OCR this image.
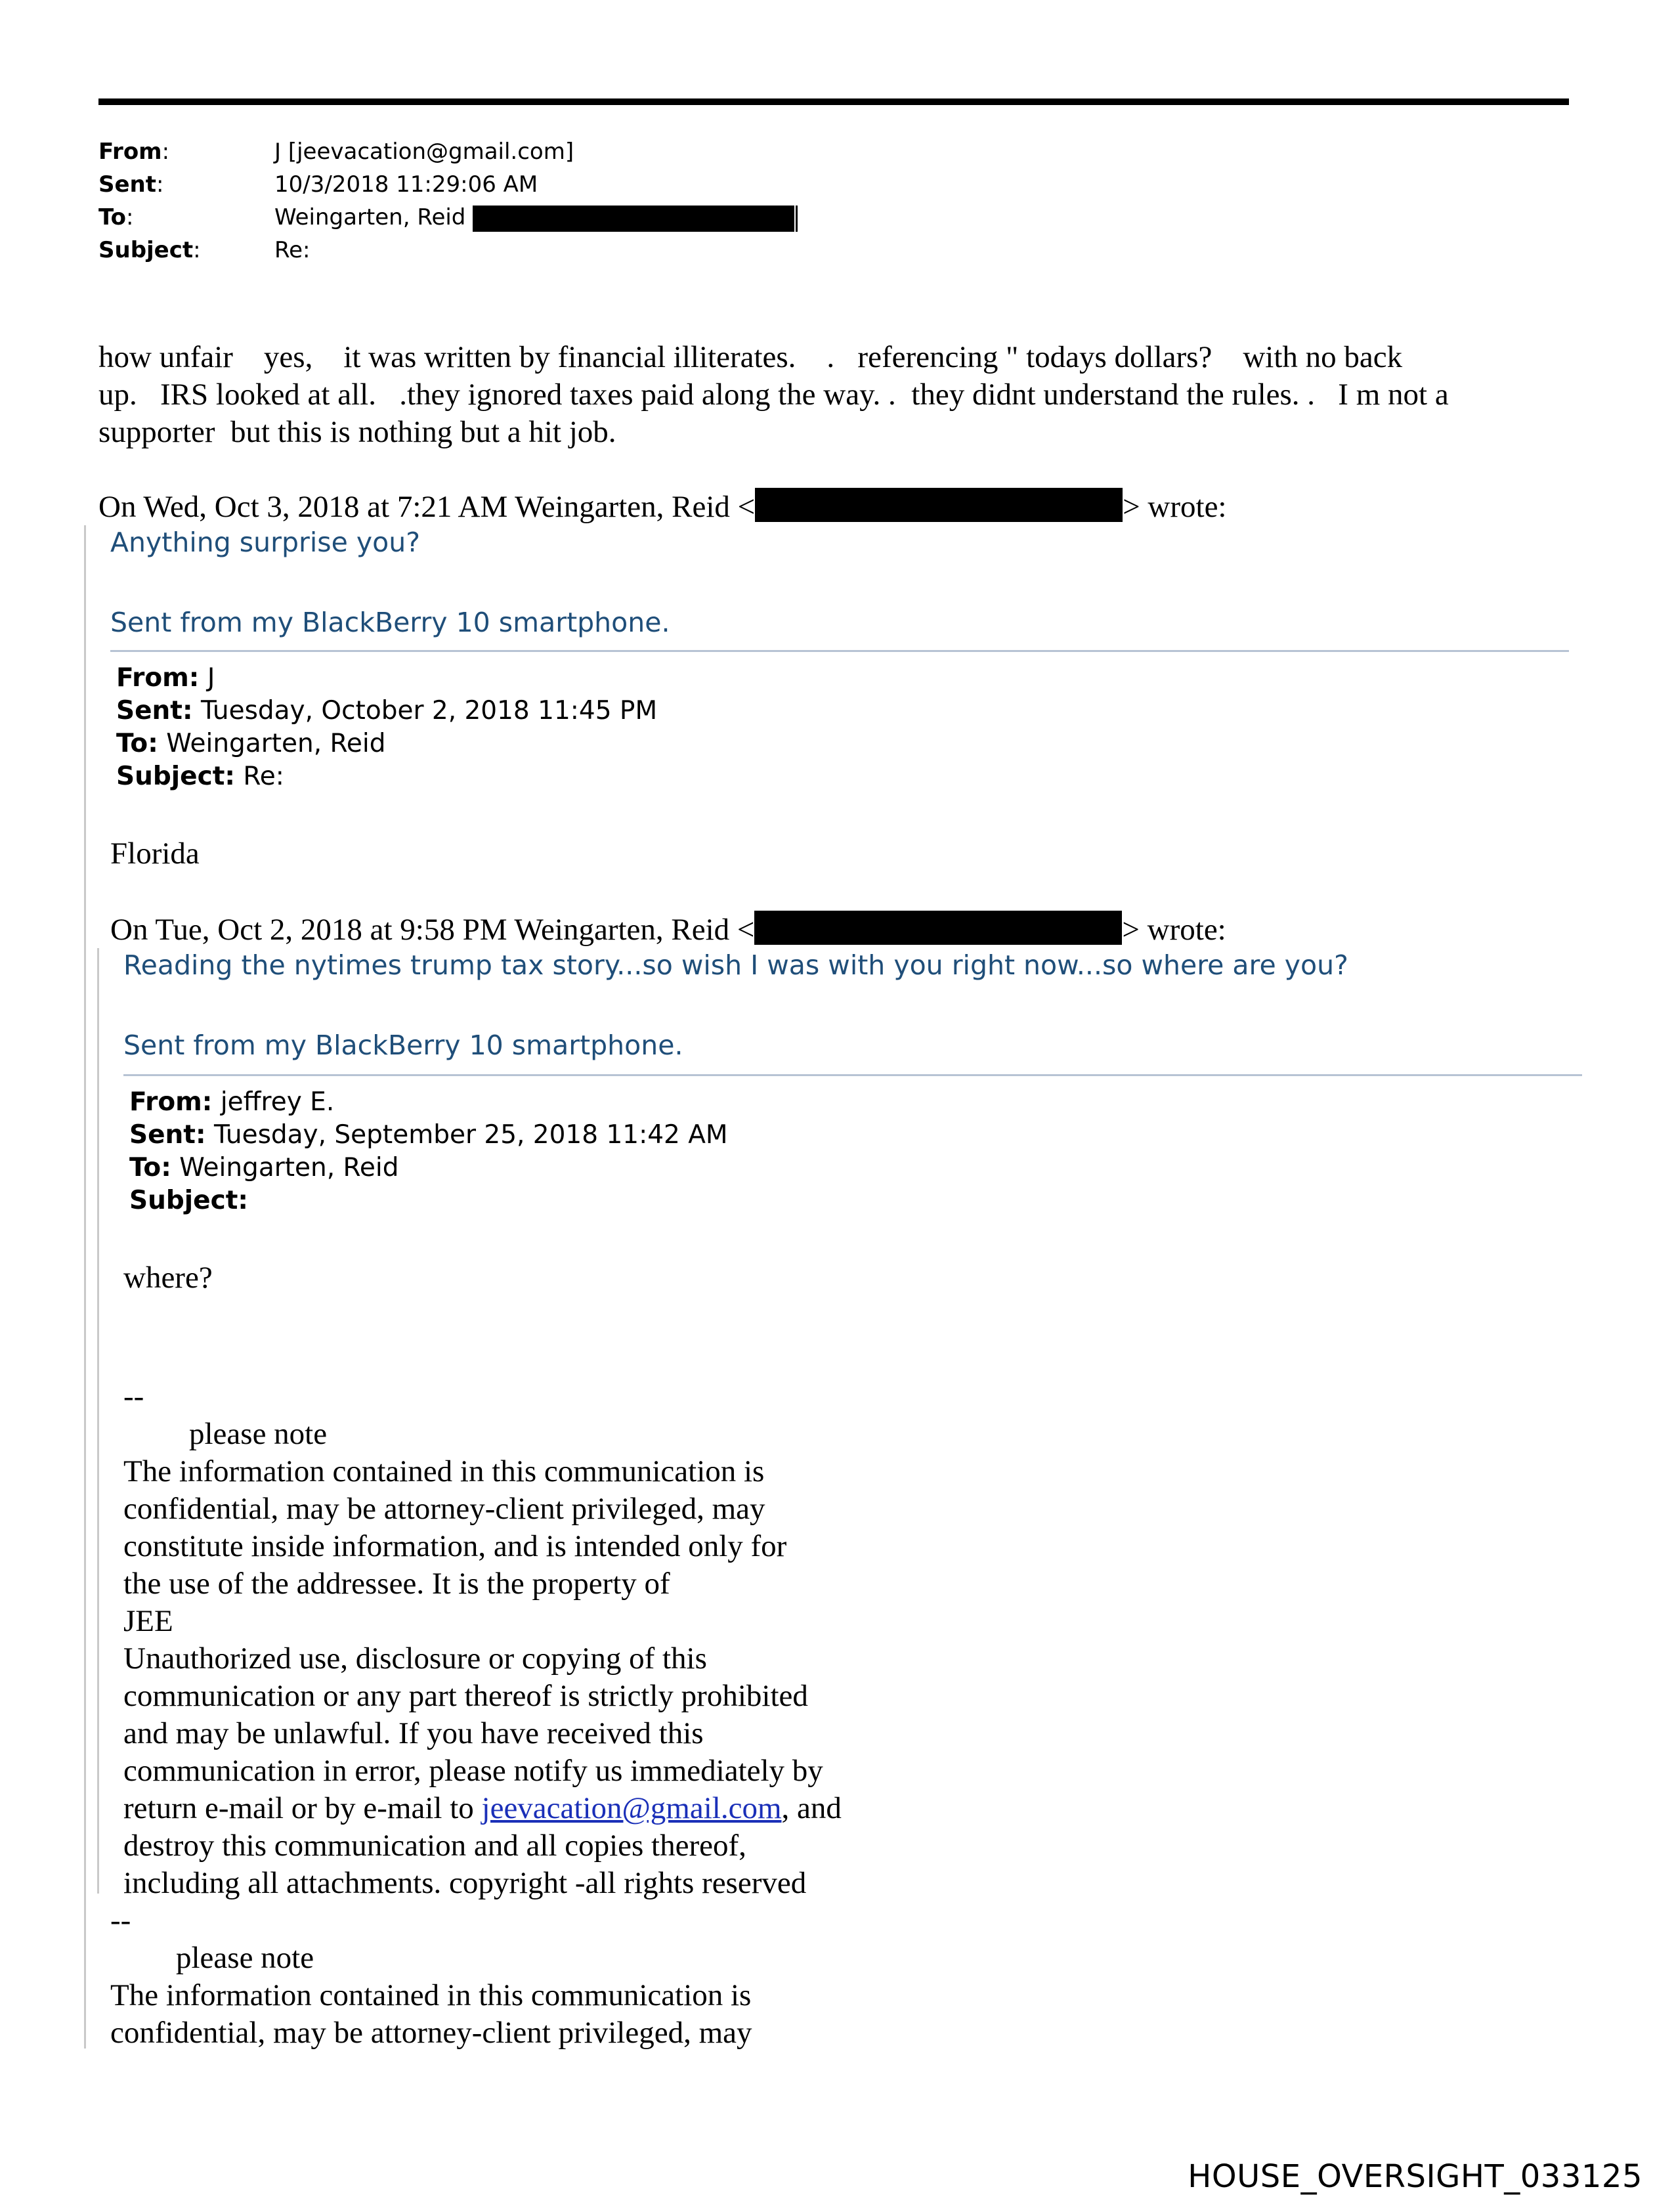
From:	J [jeevacation@gmail.com]
Sent:	10/3/2018 11:29:06 AM
To:	Weingarten, Reid
Subject:	Re:
how unfair    yes,    it was written by financial illiterates.    .   referencing " todays dollars?    with no back
up.   IRS looked at all.   .they ignored taxes paid along the way. .  they didnt understand the rules. .   I m not a
supporter  but this is nothing but a hit job.
On Wed, Oct 3, 2018 at 7:21 AM Weingarten, Reid <	> wrote:
Anything surprise you?
Sent from my BlackBerry 10 smartphone.
From: J
Sent: Tuesday, October 2, 2018 11:45 PM
To: Weingarten, Reid
Subject: Re:
Florida
On Tue, Oct 2, 2018 at 9:58 PM Weingarten, Reid <	> wrote:
Reading the nytimes trump tax story...so wish I was with you right now...so where are you?
Sent from my BlackBerry 10 smartphone.
From: jeffrey E.
Sent: Tuesday, September 25, 2018 11:42 AM
To: Weingarten, Reid
Subject:
where?
--
please note
The information contained in this communication is
confidential, may be attorney-client privileged, may
constitute inside information, and is intended only for
the use of the addressee. It is the property of
JEE
Unauthorized use, disclosure or copying of this
communication or any part thereof is strictly prohibited
and may be unlawful. If you have received this
communication in error, please notify us immediately by
return e-mail or by e-mail to jeevacation@gmail.com, and
destroy this communication and all copies thereof,
including all attachments. copyright -all rights reserved
--
please note
The information contained in this communication is
confidential, may be attorney-client privileged, may
HOUSE_OVERSIGHT_033125
